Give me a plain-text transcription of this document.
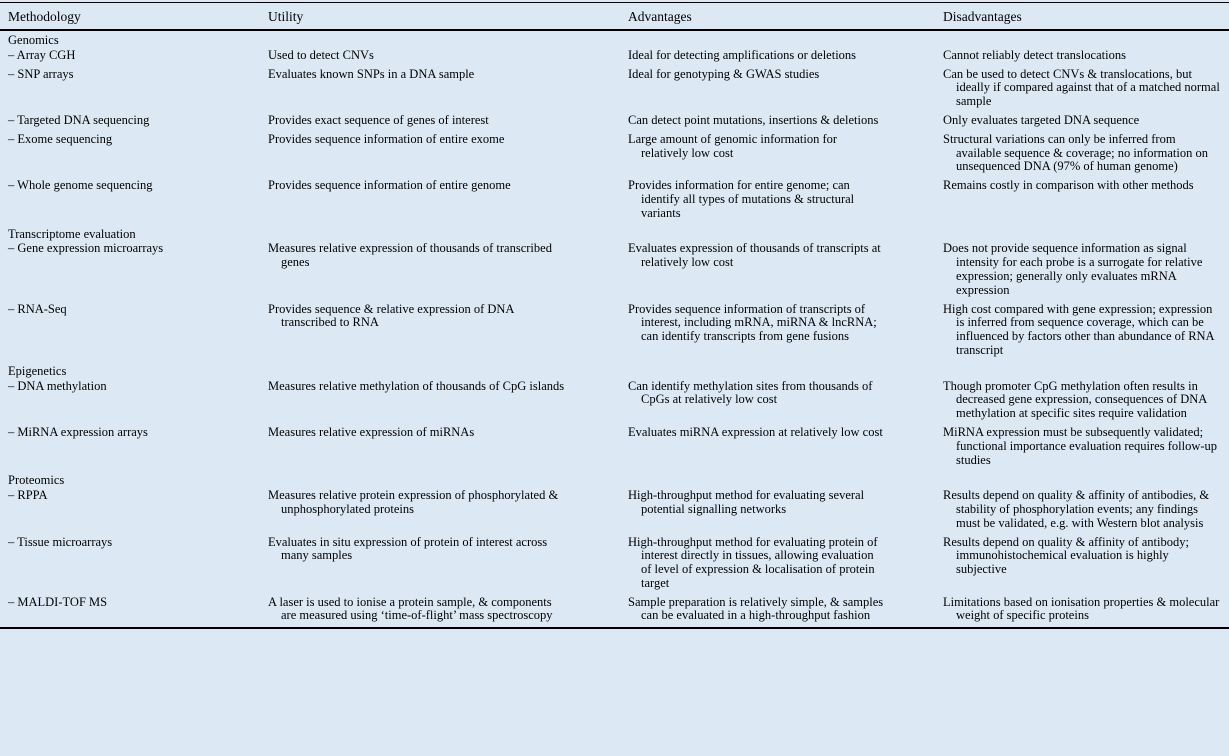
Methodology	Utility	Advantages	Disadvantages
Genomics			
– Array CGH	Used to detect CNVs	Ideal for detecting amplifications or deletions	Cannot reliably detect translocations
– SNP arrays	Evaluates known SNPs in a DNA sample	Ideal for genotyping & GWAS studies	Can be used to detect CNVs & translocations, but ideally if compared against that of a matched normal sample
– Targeted DNA sequencing	Provides exact sequence of genes of interest	Can detect point mutations, insertions & deletions	Only evaluates targeted DNA sequence
– Exome sequencing	Provides sequence information of entire exome	Large amount of genomic information for relatively low cost	Structural variations can only be inferred from available sequence & coverage; no information on unsequenced DNA (97% of human genome)
– Whole genome sequencing	Provides sequence information of entire genome	Provides information for entire genome; can identify all types of mutations & structural variants	Remains costly in comparison with other methods
Transcriptome evaluation			
– Gene expression microarrays	Measures relative expression of thousands of transcribed genes	Evaluates expression of thousands of transcripts at relatively low cost	Does not provide sequence information as signal intensity for each probe is a surrogate for relative expression; generally only evaluates mRNA expression
– RNA-Seq	Provides sequence & relative expression of DNA transcribed to RNA	Provides sequence information of transcripts of interest, including mRNA, miRNA & lncRNA; can identify transcripts from gene fusions	High cost compared with gene expression; expression is inferred from sequence coverage, which can be influenced by factors other than abundance of RNA transcript
Epigenetics			
– DNA methylation	Measures relative methylation of thousands of CpG islands	Can identify methylation sites from thousands of CpGs at relatively low cost	Though promoter CpG methylation often results in decreased gene expression, consequences of DNA methylation at specific sites require validation
– MiRNA expression arrays	Measures relative expression of miRNAs	Evaluates miRNA expression at relatively low cost	MiRNA expression must be subsequently validated; functional importance evaluation requires follow-up studies
Proteomics			
– RPPA	Measures relative protein expression of phosphorylated & unphosphorylated proteins	High-throughput method for evaluating several potential signalling networks	Results depend on quality & affinity of antibodies, & stability of phosphorylation events; any findings must be validated, e.g. with Western blot analysis
– Tissue microarrays	Evaluates in situ expression of protein of interest across many samples	High-throughput method for evaluating protein of interest directly in tissues, allowing evaluation of level of expression & localisation of protein target	Results depend on quality & affinity of antibody; immunohistochemical evaluation is highly subjective
– MALDI-TOF MS	A laser is used to ionise a protein sample, & components are measured using ‘time-of-flight’ mass spectroscopy	Sample preparation is relatively simple, & samples can be evaluated in a high-throughput fashion	Limitations based on ionisation properties & molecular weight of specific proteins
